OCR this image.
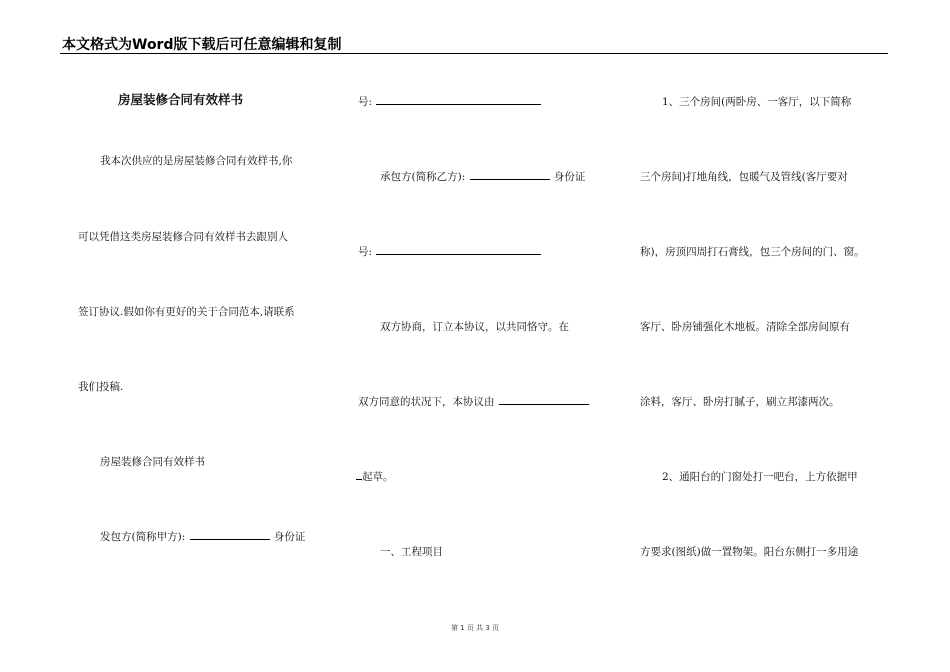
本文格式为Word版下载后可任意编辑和复制
房屋装修合同有效样书
我本次供应的是房屋装修合同有效样书,你
可以凭借这类房屋装修合同有效样书去跟别人
签订协议.假如你有更好的关于合同范本,请联系
我们投稿.
房屋装修合同有效样书
发包方(简称甲方):	身份证
号:
承包方(简称乙方):	身份证
号:
双方协商，订立本协议，以共同恪守。在
双方同意的状况下，本协议由
起草。
一、工程项目
1、三个房间(两卧房、一客厅，以下简称
三个房间)打地角线，包暖气及管线(客厅要对
称)，房顶四周打石膏线，包三个房间的门、窗。
客厅、卧房铺强化木地板。清除全部房间原有
涂料，客厅、卧房打腻子，刷立邦漆两次。
2、通阳台的门窗处打一吧台，上方依据甲
方要求(图纸)做一置物架。阳台东侧打一多用途
第 1 页 共 3 页
